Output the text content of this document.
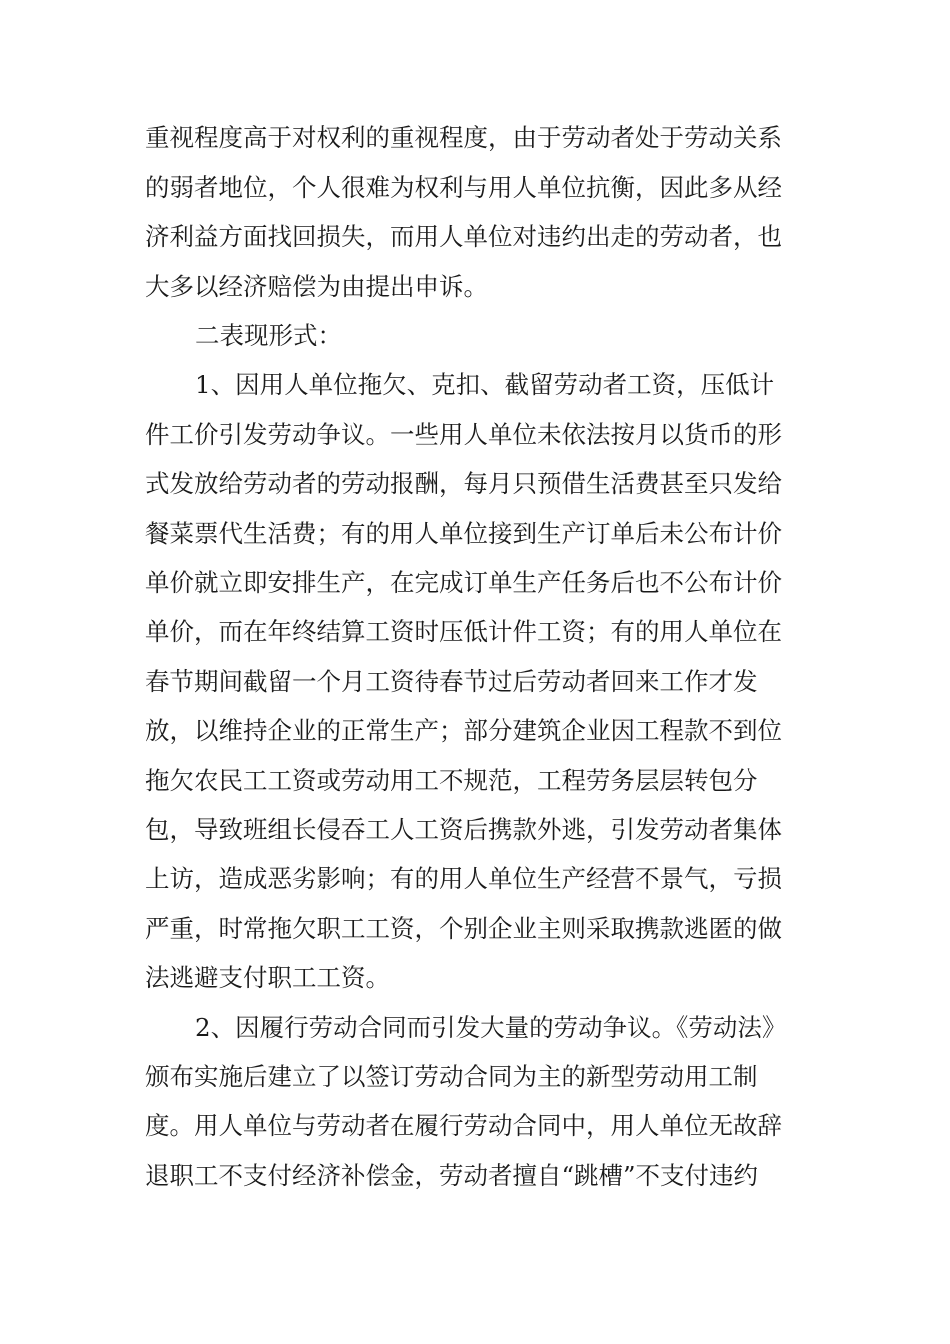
重视程度高于对权利的重视程度，由于劳动者处于劳动关系
的弱者地位，个人很难为权利与用人单位抗衡，因此多从经
济利益方面找回损失，而用人单位对违约出走的劳动者，也
大多以经济赔偿为由提出申诉。
二表现形式：
1、因用人单位拖欠、克扣、截留劳动者工资，压低计
件工价引发劳动争议。一些用人单位未依法按月以货币的形
式发放给劳动者的劳动报酬，每月只预借生活费甚至只发给
餐菜票代生活费；有的用人单位接到生产订单后未公布计价
单价就立即安排生产，在完成订单生产任务后也不公布计价
单价，而在年终结算工资时压低计件工资；有的用人单位在
春节期间截留一个月工资待春节过后劳动者回来工作才发
放，以维持企业的正常生产；部分建筑企业因工程款不到位
拖欠农民工工资或劳动用工不规范，工程劳务层层转包分
包，导致班组长侵吞工人工资后携款外逃，引发劳动者集体
上访，造成恶劣影响；有的用人单位生产经营不景气，亏损
严重，时常拖欠职工工资，个别企业主则采取携款逃匿的做
法逃避支付职工工资。
2、因履行劳动合同而引发大量的劳动争议。《劳动法》
颁布实施后建立了以签订劳动合同为主的新型劳动用工制
度。用人单位与劳动者在履行劳动合同中，用人单位无故辞
退职工不支付经济补偿金，劳动者擅自“跳槽”不支付违约
